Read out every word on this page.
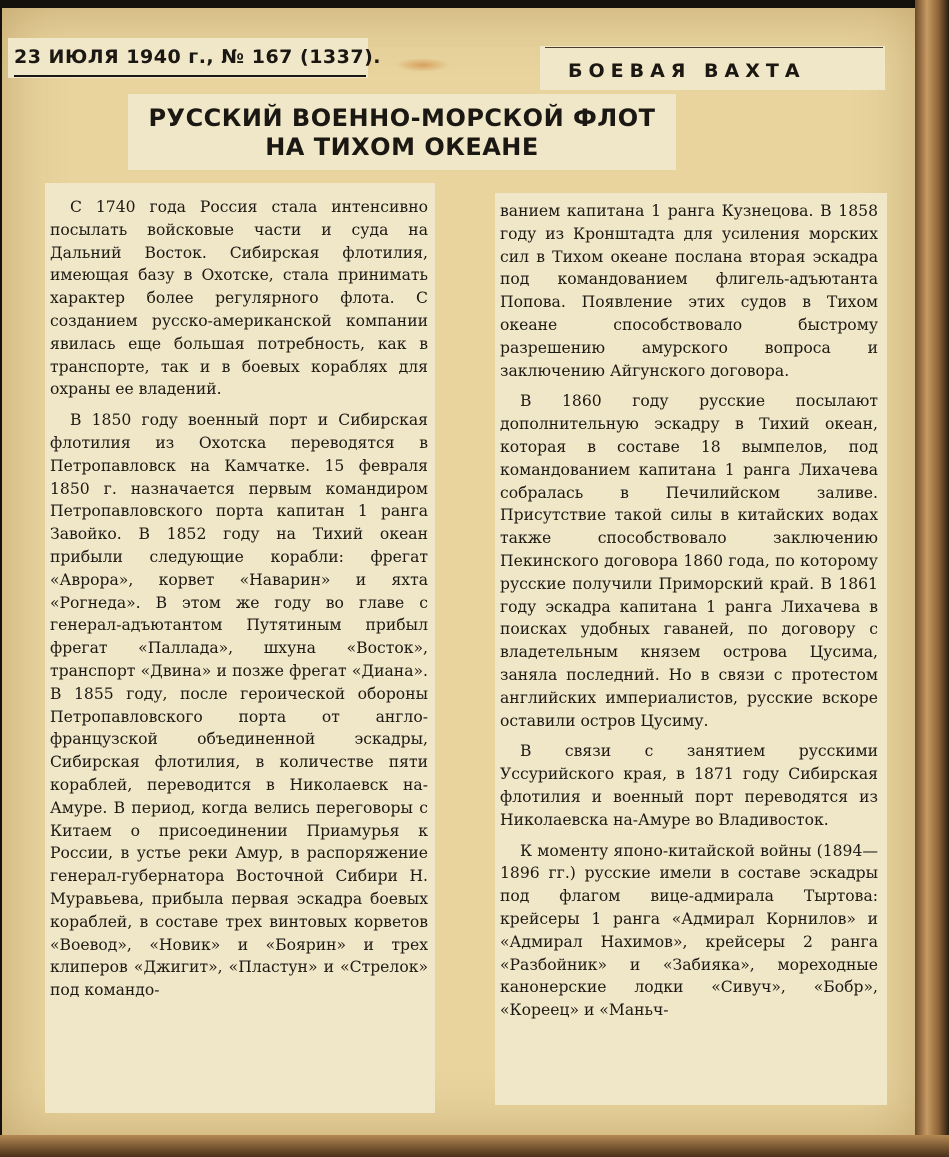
23 ИЮЛЯ 1940 г., № 167 (1337).
БОЕВАЯ ВАХТА
РУССКИЙ ВОЕННО-МОРСКОЙ ФЛОТ
НА ТИХОМ ОКЕАНЕ

С 1740 года Россия стала интенсивно посылать войсковые части и суда на Дальний Восток. Сибирская флотилия, имеющая базу в Охотске, стала принимать характер более регулярного флота. С созданием русско-американской компании явилась еще большая потребность, как в транспорте, так и в боевых кораблях для охраны ее владений.

В 1850 году военный порт и Сибирская флотилия из Охотска переводятся в Петропавловск на Камчатке. 15 февраля 1850 г. назначается первым командиром Петропавловского порта капитан 1 ранга Завойко. В 1852 году на Тихий океан прибыли следующие корабли: фрегат «Аврора», корвет «Наварин» и яхта «Рогнеда». В этом же году во главе с генерал-адъютантом Путятиным прибыл фрегат «Паллада», шхуна «Восток», транспорт «Двина» и позже фрегат «Диана». В 1855 году, после героической обороны Петропавловского порта от англо-французской объединенной эскадры, Сибирская флотилия, в количестве пяти кораблей, переводится в Николаевск на-Амуре. В период, когда велись переговоры с Китаем о присоединении Приамурья к России, в устье реки Амур, в распоряжение генерал-губернатора Восточной Сибири Н. Муравьева, прибыла первая эскадра боевых кораблей, в составе трех винтовых корветов «Воевод», «Новик» и «Боярин» и трех клиперов «Джигит», «Пластун» и «Стрелок» под командо-

ванием капитана 1 ранга Кузнецова. В 1858 году из Кронштадта для усиления морских сил в Тихом океане послана вторая эскадра под командованием флигель-адъютанта Попова. Появление этих судов в Тихом океане способствовало быстрому разрешению амурского вопроса и заключению Айгунского договора.

В 1860 году русские посылают дополнительную эскадру в Тихий океан, которая в составе 18 вымпелов, под командованием капитана 1 ранга Лихачева собралась в Печилийском заливе. Присутствие такой силы в китайских водах также способствовало заключению Пекинского договора 1860 года, по которому русские получили Приморский край. В 1861 году эскадра капитана 1 ранга Лихачева в поисках удобных гаваней, по договору с владетельным князем острова Цусима, заняла последний. Но в связи с протестом английских империалистов, русские вскоре оставили остров Цусиму.

В связи с занятием русскими Уссурийского края, в 1871 году Сибирская флотилия и военный порт переводятся из Николаевска на-Амуре во Владивосток.

К моменту японо-китайской войны (1894—1896 гг.) русские имели в составе эскадры под флагом вице-адмирала Тыртова: крейсеры 1 ранга «Адмирал Корнилов» и «Адмирал Нахимов», крейсеры 2 ранга «Разбойник» и «Забияка», мореходные канонерские лодки «Сивуч», «Бобр», «Кореец» и «Маньч-
